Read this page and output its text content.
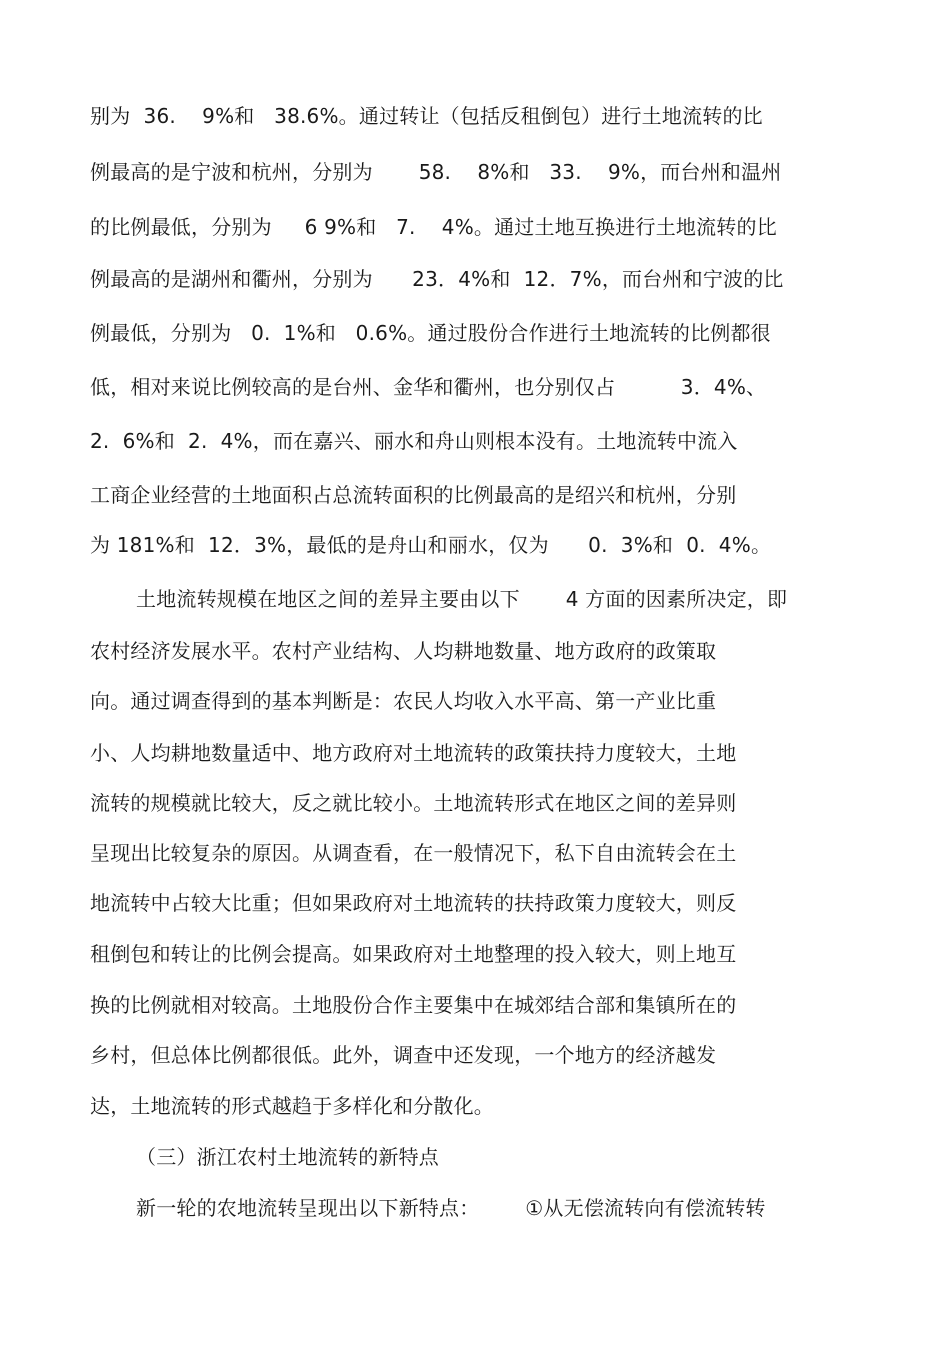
别为  36.    9%和   38.6%。通过转让（包括反租倒包）进行土地流转的比
例最高的是宁波和杭州，分别为       58.    8%和   33.    9%，而台州和温州
的比例最低，分别为     6 9%和   7.    4%。通过土地互换进行土地流转的比
例最高的是湖州和衢州，分别为      23．4%和  12．7%，而台州和宁波的比
例最低，分别为   0.  1%和   0.6%。通过股份合作进行土地流转的比例都很
低，相对来说比例较高的是台州、金华和衢州，也分别仅占          3．4%、
2.  6%和  2.  4%，而在嘉兴、丽水和舟山则根本没有。土地流转中流入
工商企业经营的土地面积占总流转面积的比例最高的是绍兴和杭州，分别
为 181%和  12．3%，最低的是舟山和丽水，仅为      0.  3%和  0.  4%。
土地流转规模在地区之间的差异主要由以下       4 方面的因素所决定，即
农村经济发展水平。农村产业结构、人均耕地数量、地方政府的政策取
向。通过调查得到的基本判断是：农民人均收入水平高、第一产业比重
小、人均耕地数量适中、地方政府对土地流转的政策扶持力度较大，土地
流转的规模就比较大，反之就比较小。土地流转形式在地区之间的差异则
呈现出比较复杂的原因。从调查看，在一般情况下，私下自由流转会在土
地流转中占较大比重；但如果政府对土地流转的扶持政策力度较大，则反
租倒包和转让的比例会提高。如果政府对土地整理的投入较大，则上地互
换的比例就相对较高。土地股份合作主要集中在城郊结合部和集镇所在的
乡村，但总体比例都很低。此外，调查中还发现，一个地方的经济越发
达，土地流转的形式越趋于多样化和分散化。
（三）浙江农村土地流转的新特点
新一轮的农地流转呈现出以下新特点：       ①从无偿流转向有偿流转转
